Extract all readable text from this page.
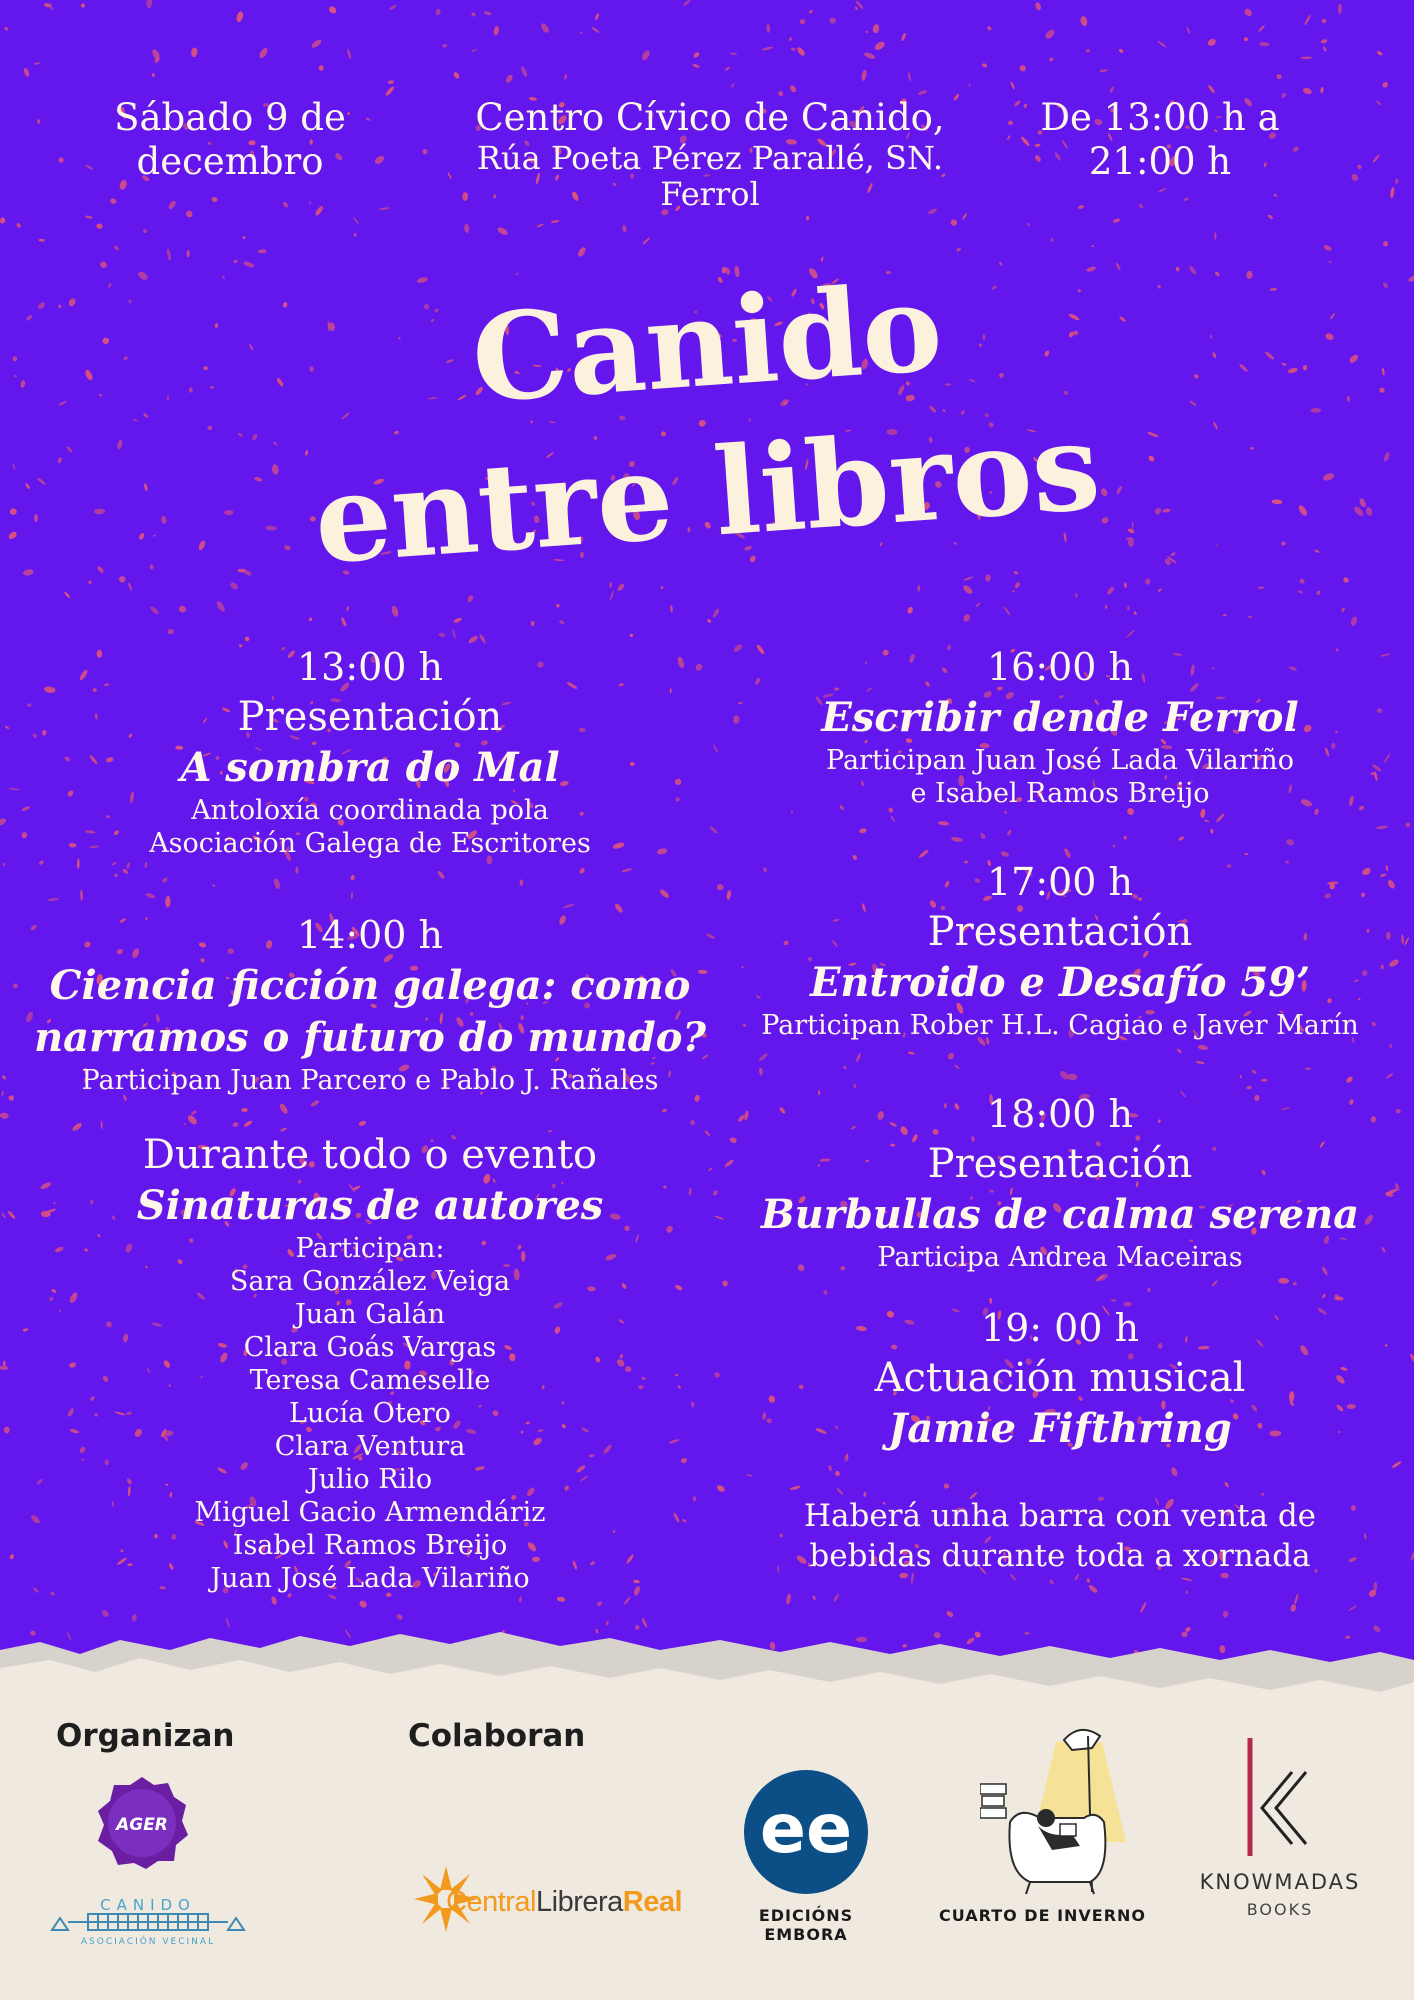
Sábado 9 de decembro
Centro Cívico de Canido,
Rúa Poeta Pérez Parallé, SN.
Ferrol
De 13:00 h a 21:00 h
Canido
entre libros
13:00 h
Presentación
A sombra do Mal
Antoloxía coordinada pola
Asociación Galega de Escritores
14:00 h
Ciencia ficción galega: como
narramos o futuro do mundo?
Participan Juan Parcero e Pablo J. Rañales
Durante todo o evento
Sinaturas de autores
Participan:
Sara González Veiga
Juan Galán
Clara Goás Vargas
Teresa Cameselle
Lucía Otero
Clara Ventura
Julio Rilo
Miguel Gacio Armendáriz
Isabel Ramos Breijo
Juan José Lada Vilariño
16:00 h
Escribir dende Ferrol
Participan Juan José Lada Vilariño
e Isabel Ramos Breijo
17:00 h
Presentación
Entroido e Desafío 59’
Participan Rober H.L. Cagiao e Javer Marín
18:00 h
Presentación
Burbullas de calma serena
Participa Andrea Maceiras
19: 00 h
Actuación musical
Jamie Fifthring
Haberá unha barra con venta de
bebidas durante toda a xornada
Organizan	Colaboran
AGER
CANIDO
ASOCIACIÓN VECINAL
CentralLibreraReal
ee
EDICIÓNS EMBORA
CUARTO DE INVERNO
KNOWMADAS
BOOKS
